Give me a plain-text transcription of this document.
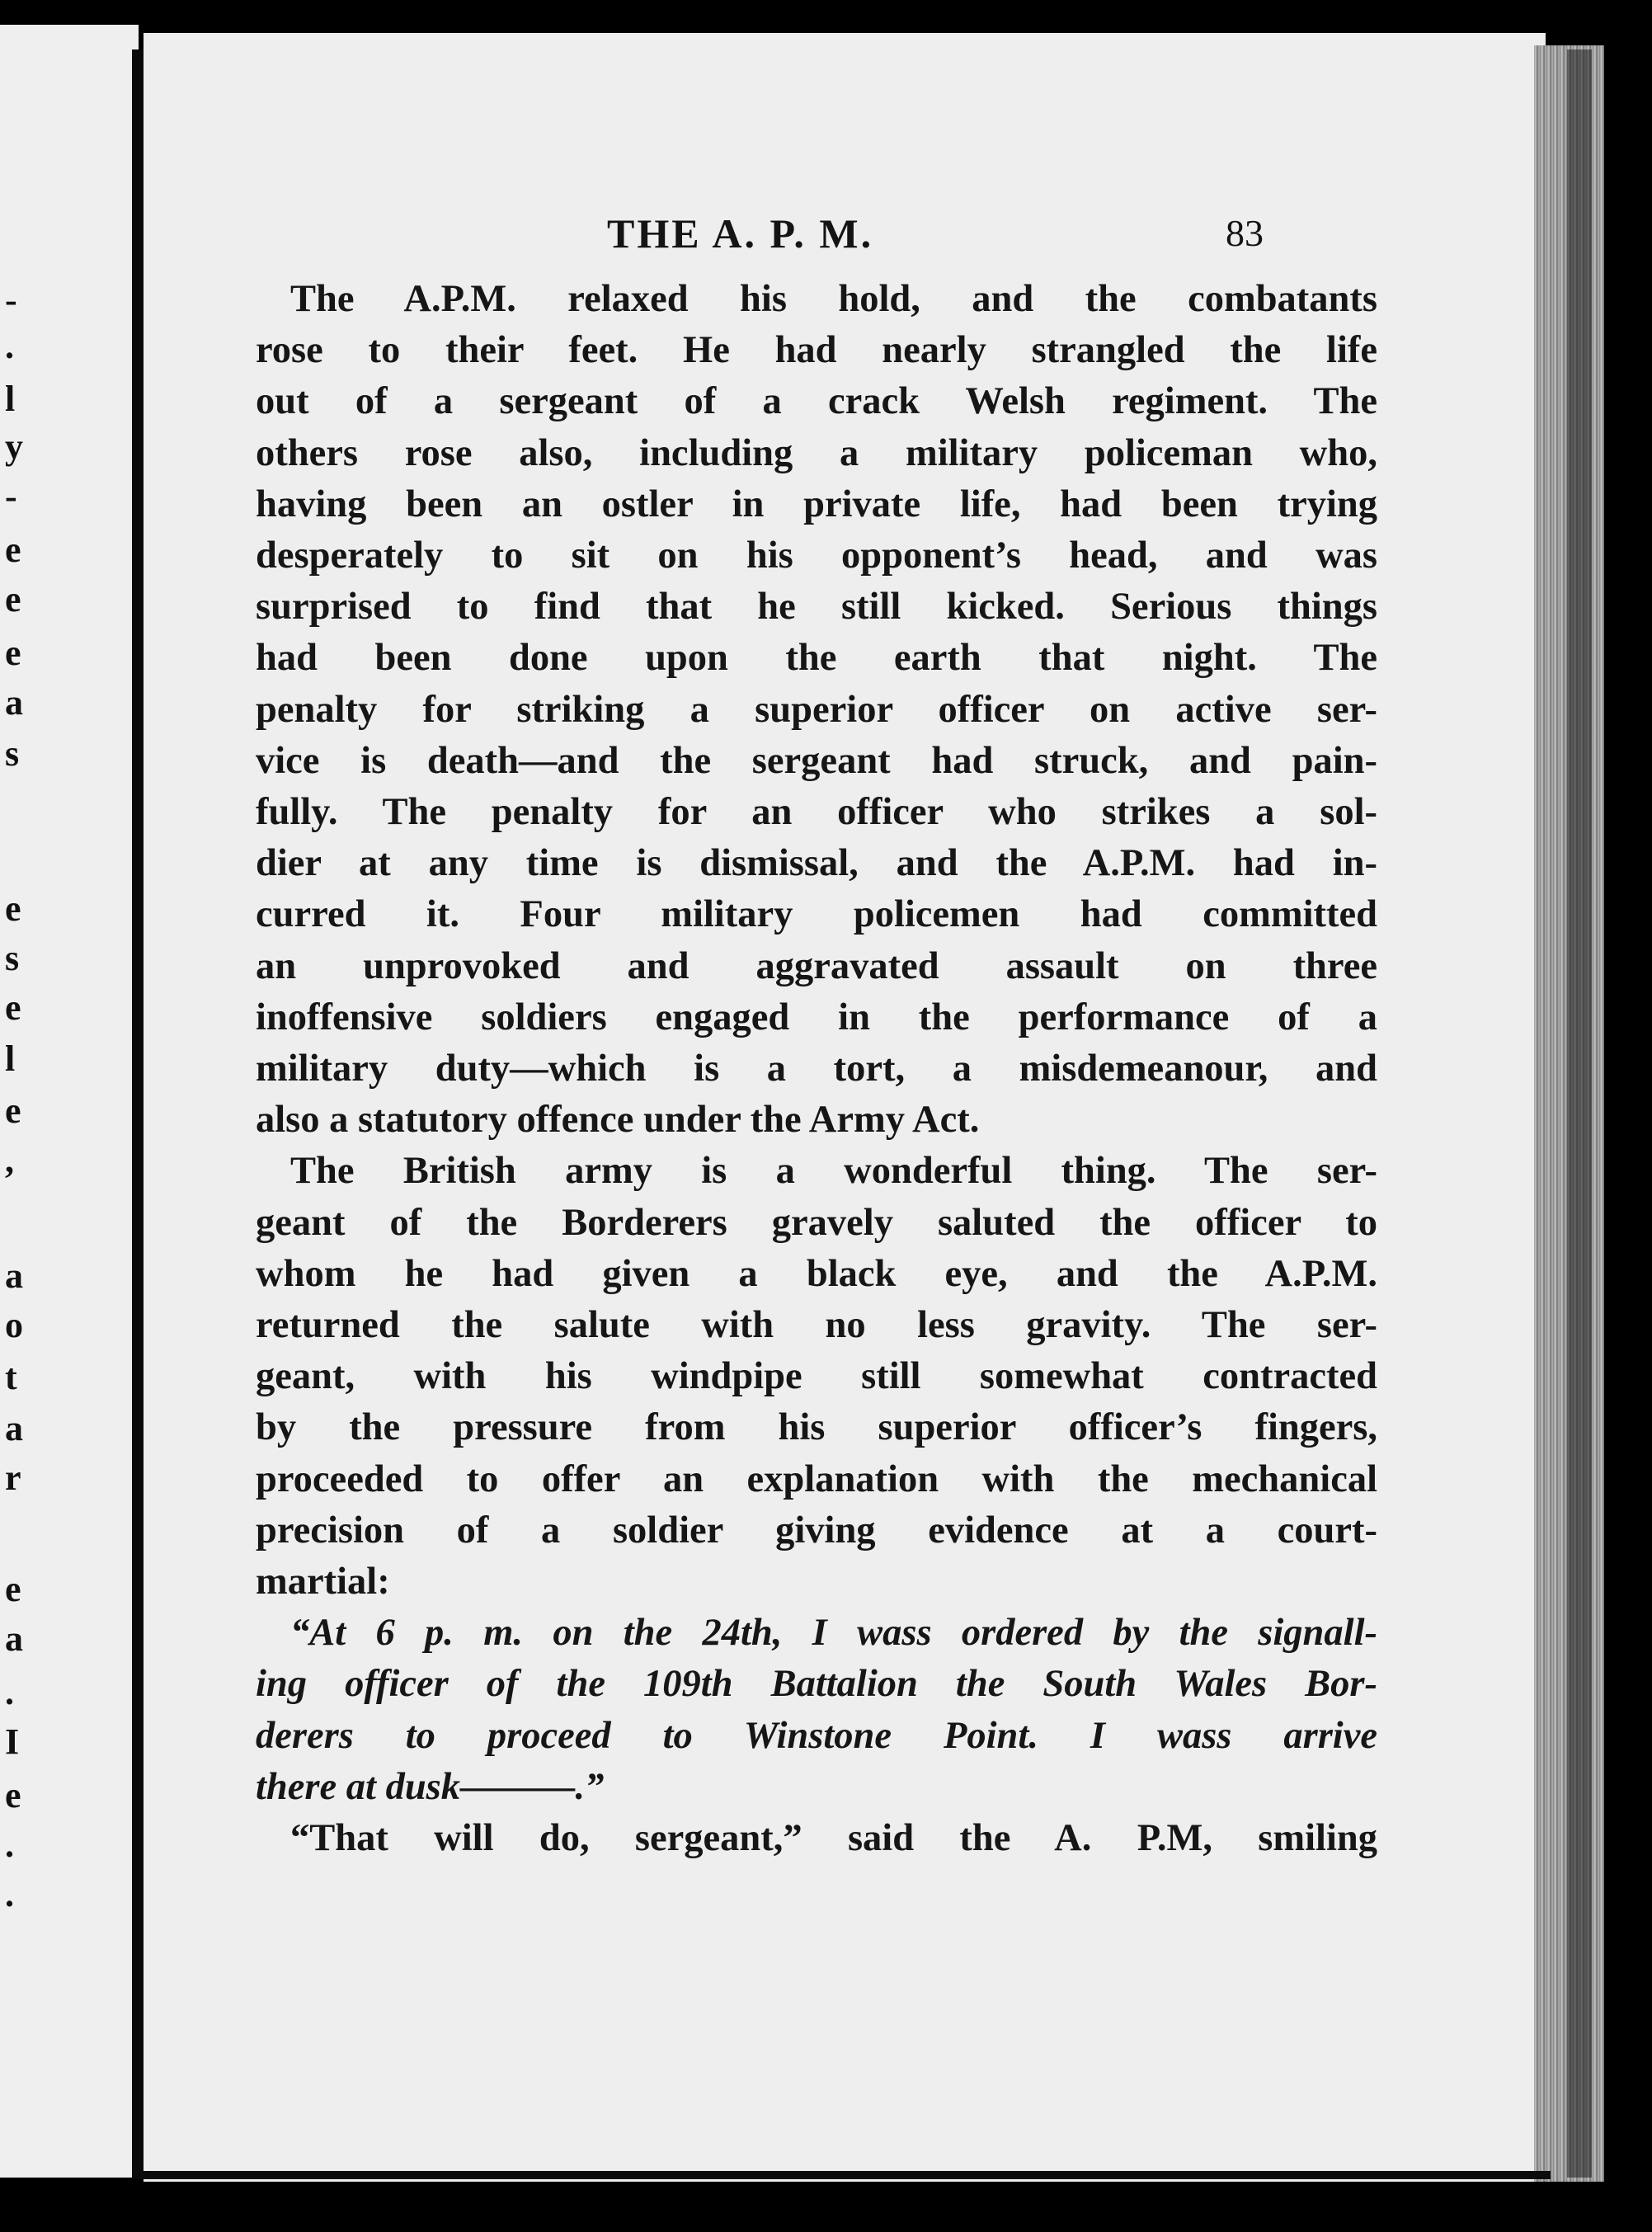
-
.
l
y
-
e
e
e
a
s
e
s
e
l
e
,
a
o
t
a
r
e
a
.
I
e
.
.
THE A. P. M.	83
The A.P.M. relaxed his hold, and the combatants
rose to their feet. He had nearly strangled the life
out of a sergeant of a crack Welsh regiment. The
others rose also, including a military policeman who,
having been an ostler in private life, had been trying
desperately to sit on his opponent’s head, and was
surprised to find that he still kicked. Serious things
had been done upon the earth that night. The
penalty for striking a superior officer on active ser-
vice is death—and the sergeant had struck, and pain-
fully. The penalty for an officer who strikes a sol-
dier at any time is dismissal, and the A.P.M. had in-
curred it. Four military policemen had committed
an unprovoked and aggravated assault on three
inoffensive soldiers engaged in the performance of a
military duty—which is a tort, a misdemeanour, and
also a statutory offence under the Army Act.
The British army is a wonderful thing. The ser-
geant of the Borderers gravely saluted the officer to
whom he had given a black eye, and the A.P.M.
returned the salute with no less gravity. The ser-
geant, with his windpipe still somewhat contracted
by the pressure from his superior officer’s fingers,
proceeded to offer an explanation with the mechanical
precision of a soldier giving evidence at a court-
martial:
“At 6 p. m. on the 24th, I wass ordered by the signall-
ing officer of the 109th Battalion the South Wales Bor-
derers to proceed to Winstone Point. I wass arrive
there at dusk———.”
“That will do, sergeant,” said the A. P.M, smiling
